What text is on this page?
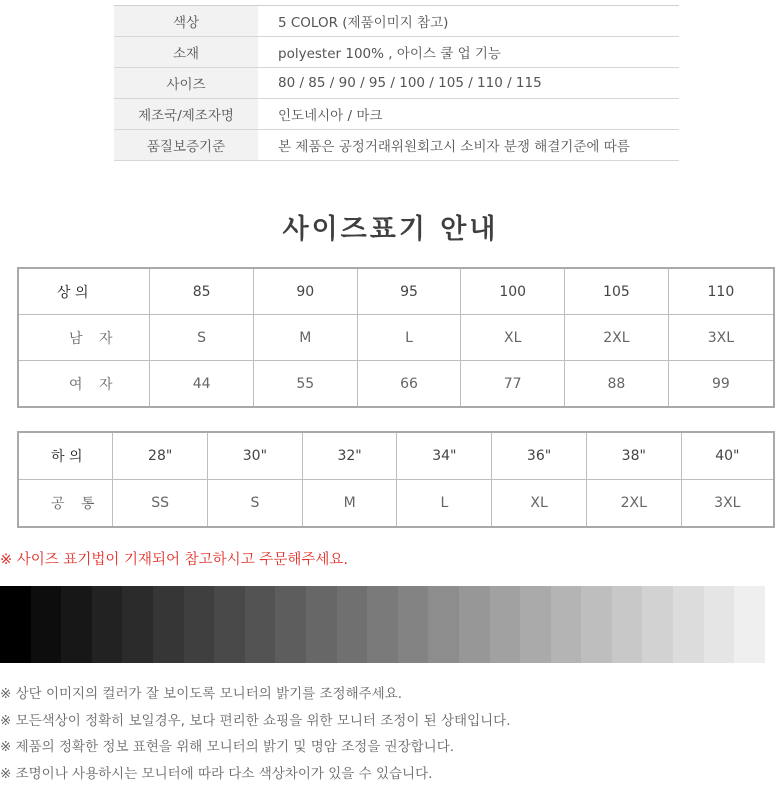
색상	5 COLOR (제품이미지 참고)
소재	polyester 100% , 아이스 쿨 업 기능
사이즈	80 / 85 / 90 / 95 / 100 / 105 / 110 / 115
제조국/제조자명	인도네시아 / 마크
품질보증기준	본 제품은 공정거래위원회고시 소비자 분쟁 해결기준에 따름
사이즈표기 안내
상 의	85	90	95	100	105	110
남 자	S	M	L	XL	2XL	3XL
여 자	44	55	66	77	88	99
하 의	28"	30"	32"	34"	36"	38"	40"
공 통	SS	S	M	L	XL	2XL	3XL
※ 사이즈 표기법이 기재되어 참고하시고 주문해주세요.
※ 상단 이미지의 컬러가 잘 보이도록 모니터의 밝기를 조정해주세요.
※ 모든색상이 정확히 보일경우, 보다 편리한 쇼핑을 위한 모니터 조정이 된 상태입니다.
※ 제품의 정확한 정보 표현을 위해 모니터의 밝기 및 명암 조정을 권장합니다.
※ 조명이나 사용하시는 모니터에 따라 다소 색상차이가 있을 수 있습니다.
